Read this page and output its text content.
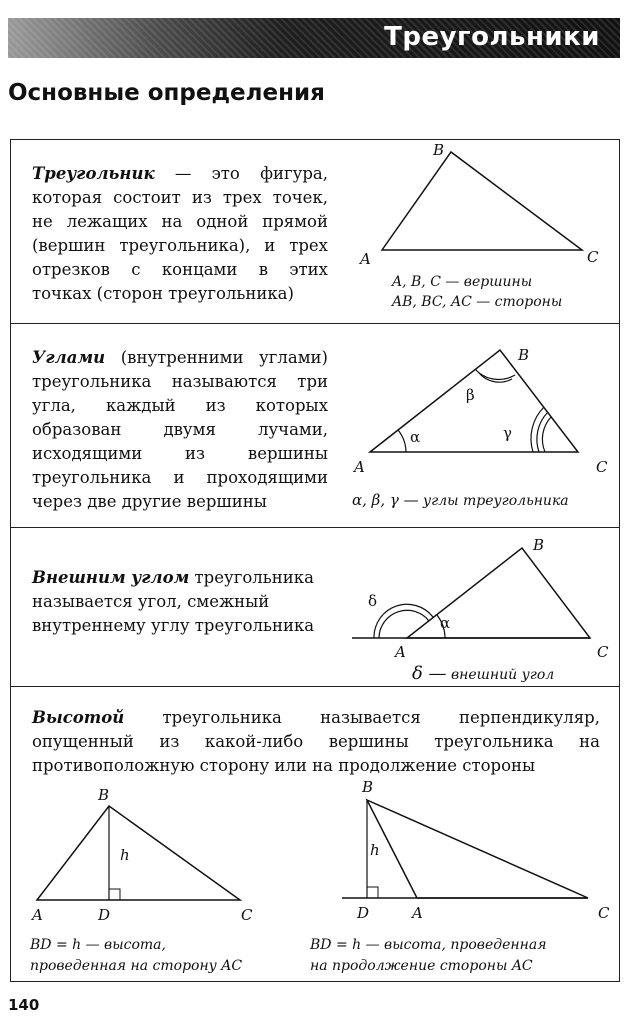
Треугольники
Основные определения
Треугольник — это фигура, которая состоит из трех точек, не лежащих на одной прямой (вершин треугольника), и трех отрезков с концами в этих точках (сторон треугольника)
Углами (внутренними углами) треугольника называются три угла, каждый из которых образован двумя лучами, исходящими из вершины треугольника и проходящими через две другие вершины
Внешним углом треугольника называется угол, смежный внутреннему углу треугольника
Высотой треугольника называется перпендикуляр, опущенный из какой-либо вершины треугольника на противоположную сторону или на продолжение стороны
B
A	C
A, B, C — вершины
AB, BC, AC — стороны
α
β
γ
B
A	C
α, β, γ — углы треугольника
δ
α
B
A	C
δ — внешний угол
h
B
A	D	C
BD = h — высота,
проведенная на сторону AC
h
B
D	A	C
BD = h — высота, проведенная
на продолжение стороны AC
140
